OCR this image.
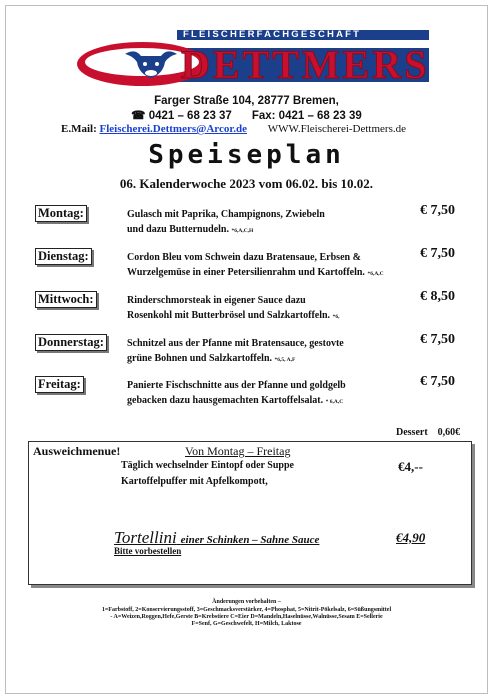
FLEISCHERFACHGESCHÄFT
DETTMERS
Farger Straße 104, 28777 Bremen,
☎ 0421 – 68 23 37 Fax: 0421 – 68 23 39
E.Mail: Fleischerei.Dettmers@Arcor.de WWW.Fleischerei-Dettmers.de
Speiseplan
06. Kalenderwoche 2023 vom 06.02. bis 10.02.
Montag:	Gulasch mit Paprika, Champignons, Zwiebeln
und dazu Butternudeln. *6,A,C,H
€ 7,50
Dienstag:	Cordon Bleu vom Schwein dazu Bratensaue, Erbsen &
Wurzelgemüse in einer Petersilienrahm und Kartoffeln. *6,A,C
€ 7,50
Mittwoch:	Rinderschmorsteak in eigener Sauce dazu
Rosenkohl mit Butterbrösel und Salzkartoffeln. *6,
€ 8,50
Donnerstag:	Schnitzel aus der Pfanne mit Bratensauce, gestovte
grüne Bohnen und Salzkartoffeln. *6,5, A,F
€ 7,50
Freitag:	Panierte Fischschnitte aus der Pfanne und goldgelb
gebacken dazu hausgemachten Kartoffelsalat. * 6,A,C
€ 7,50
Dessert 0,60€
Ausweichmenue!	Von Montag – Freitag
Täglich wechselnder Eintopf oder Suppe
Kartoffelpuffer mit Apfelkompott,
€4,--
Tortellini einer Schinken – Sahne Sauce	€4,90
Bitte vorbestellen
Änderungen vorbehalten –
1=Farbstoff, 2=Konservierungsstoff, 3=Geschmacksverstärker, 4=Phosphat, 5=Nitrit-Pökelsalz, 6=Süßungsmittel
- A=Weizen,Roggen,Hefe,Gerste B=Krebstiere C=Eier D=Mandeln,Haselnüsse,Walnüsse,Sesam E=Sellerie
F=Senf, G=Geschwefelt, H=Milch, Laktose
